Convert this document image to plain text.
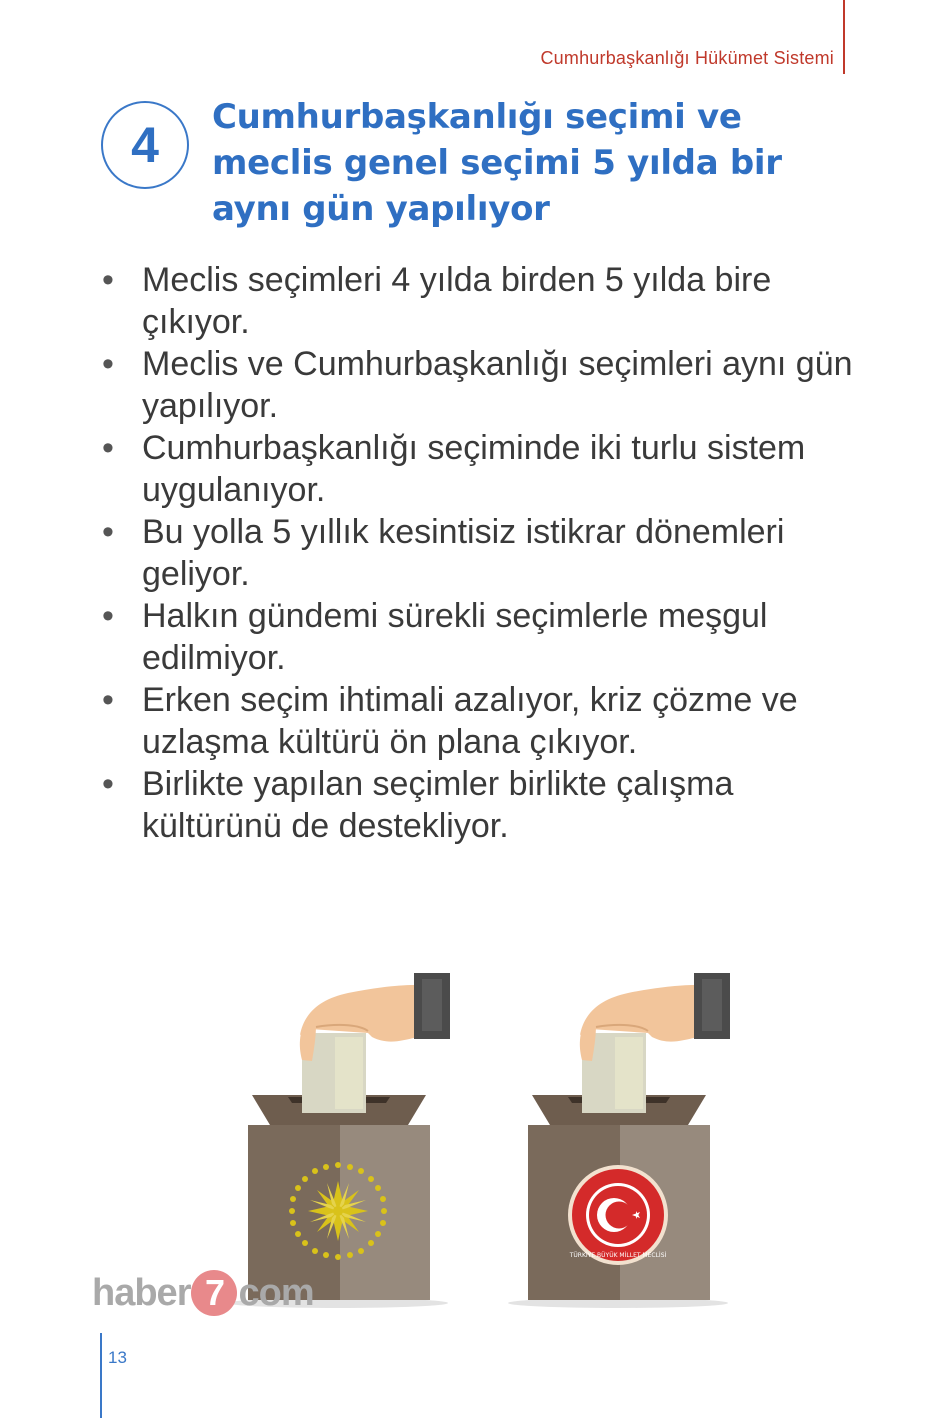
Cumhurbaşkanlığı Hükümet Sistemi
4	Cumhurbaşkanlığı seçimi ve meclis genel seçimi 5 yılda bir aynı gün yapılıyor
• Meclis seçimleri 4 yılda birden 5 yılda bire çıkıyor.
• Meclis ve Cumhurbaşkanlığı seçimleri aynı gün yapılıyor.
• Cumhurbaşkanlığı seçiminde iki turlu sistem uygulanıyor.
• Bu yolla 5 yıllık kesintisiz istikrar dönemleri geliyor.
• Halkın gündemi sürekli seçimlerle meşgul edilmiyor.
• Erken seçim ihtimali azalıyor, kriz çözme ve uzlaşma kültürü ön plana çıkıyor.
• Birlikte yapılan seçimler birlikte çalışma kültürünü de destekliyor.
TÜRKİYE BÜYÜK MİLLET MECLİSİ
haber 7 com
13
